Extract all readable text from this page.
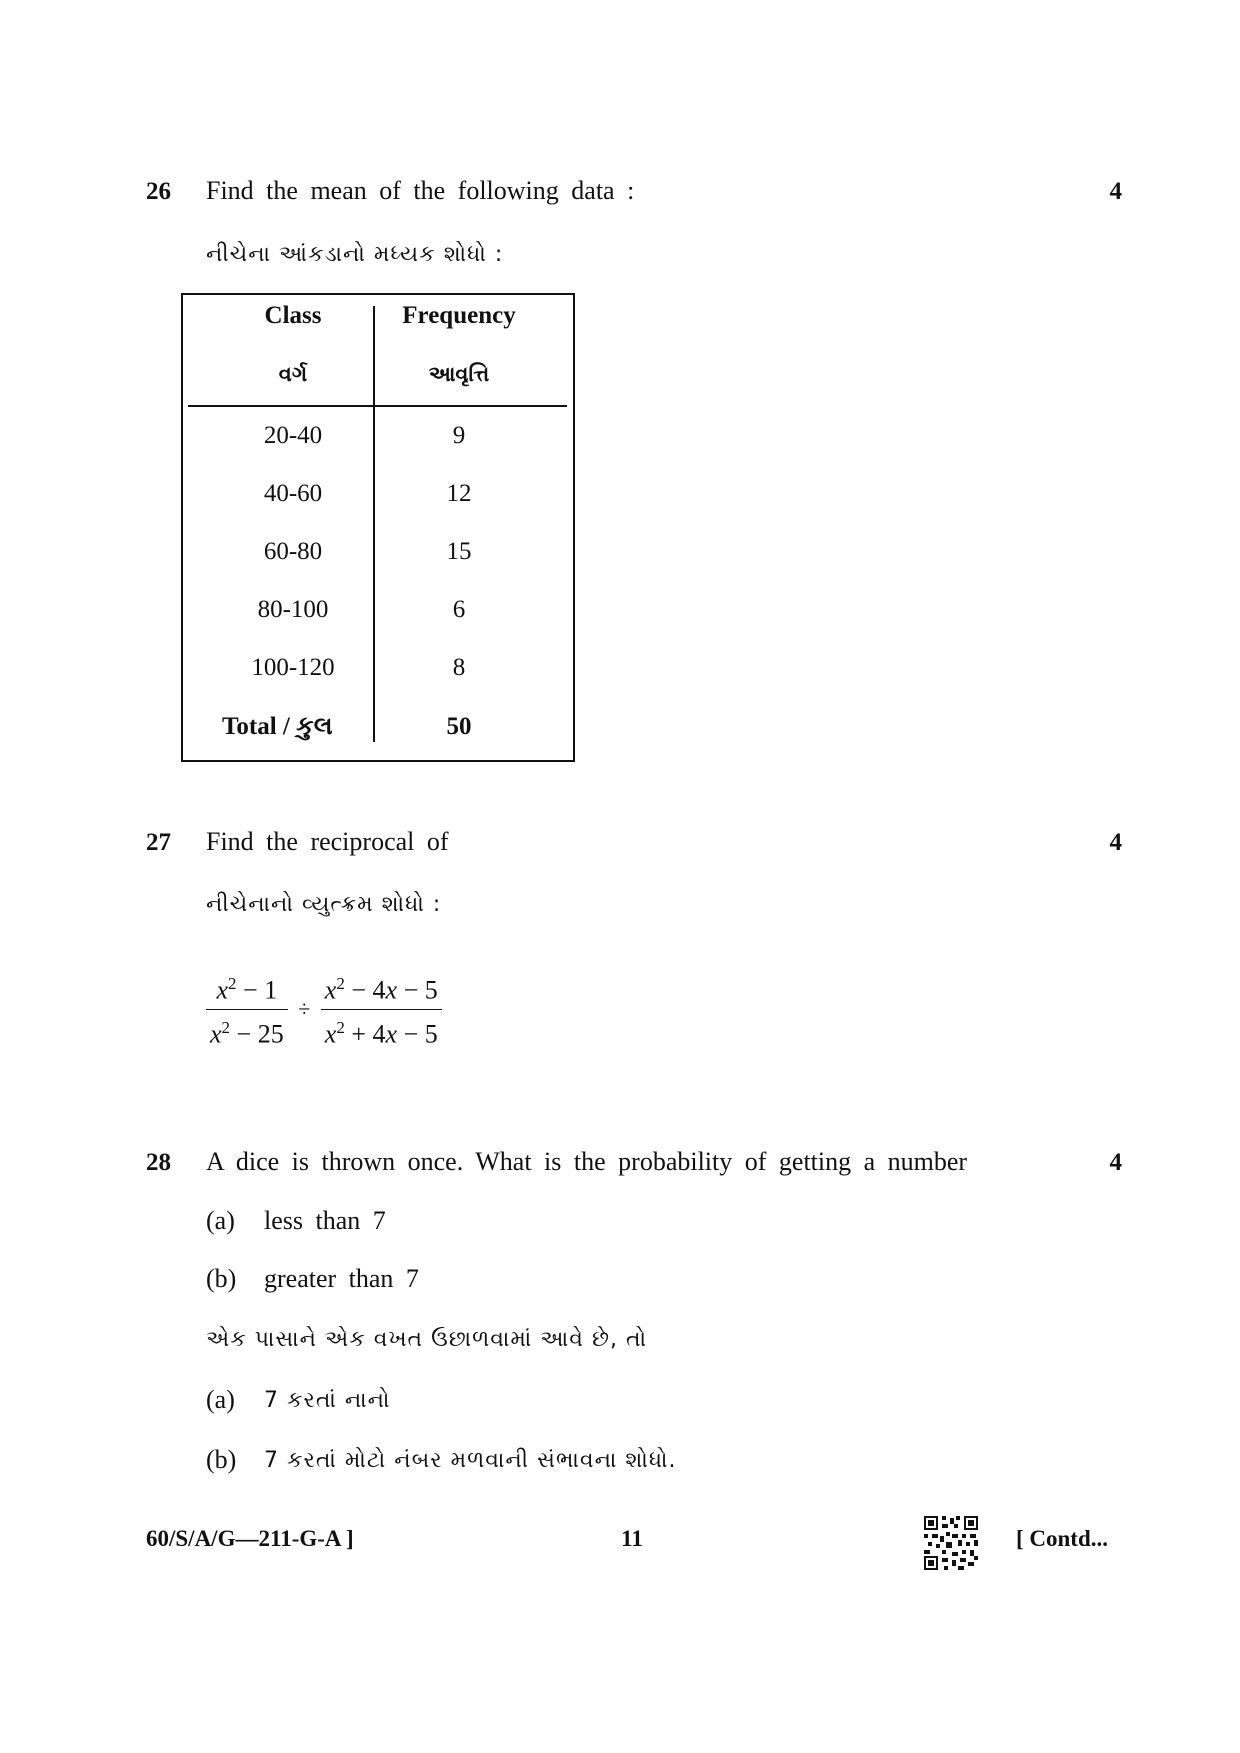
26 Find the mean of the following data :	4
નીચેના આંકડાનો મધ્યક શોધો :
Class	Frequency
વર્ગ	આવૃત્તિ
20-40	9
40-60	12
60-80	15
80-100	6
100-120	8
Total / કુલ	50
27 Find the reciprocal of	4
નીચેનાનો વ્યુત્ક્રમ શોધો :
$\frac{x^2 - 1}{x^2 - 25} \div \frac{x^2 - 4x - 5}{x^2 + 4x - 5}$
28 A dice is thrown once. What is the probability of getting a number	4
(a) less than 7
(b) greater than 7
એક પાસાને એક વખત ઉછાળવામાં આવે છે, તો
(a) 7 કરતાં નાનો
(b) 7 કરતાં મોટો નંબર મળવાની સંભાવના શોધો.
60/S/A/G—211-G-A ]	11	[ Contd...
